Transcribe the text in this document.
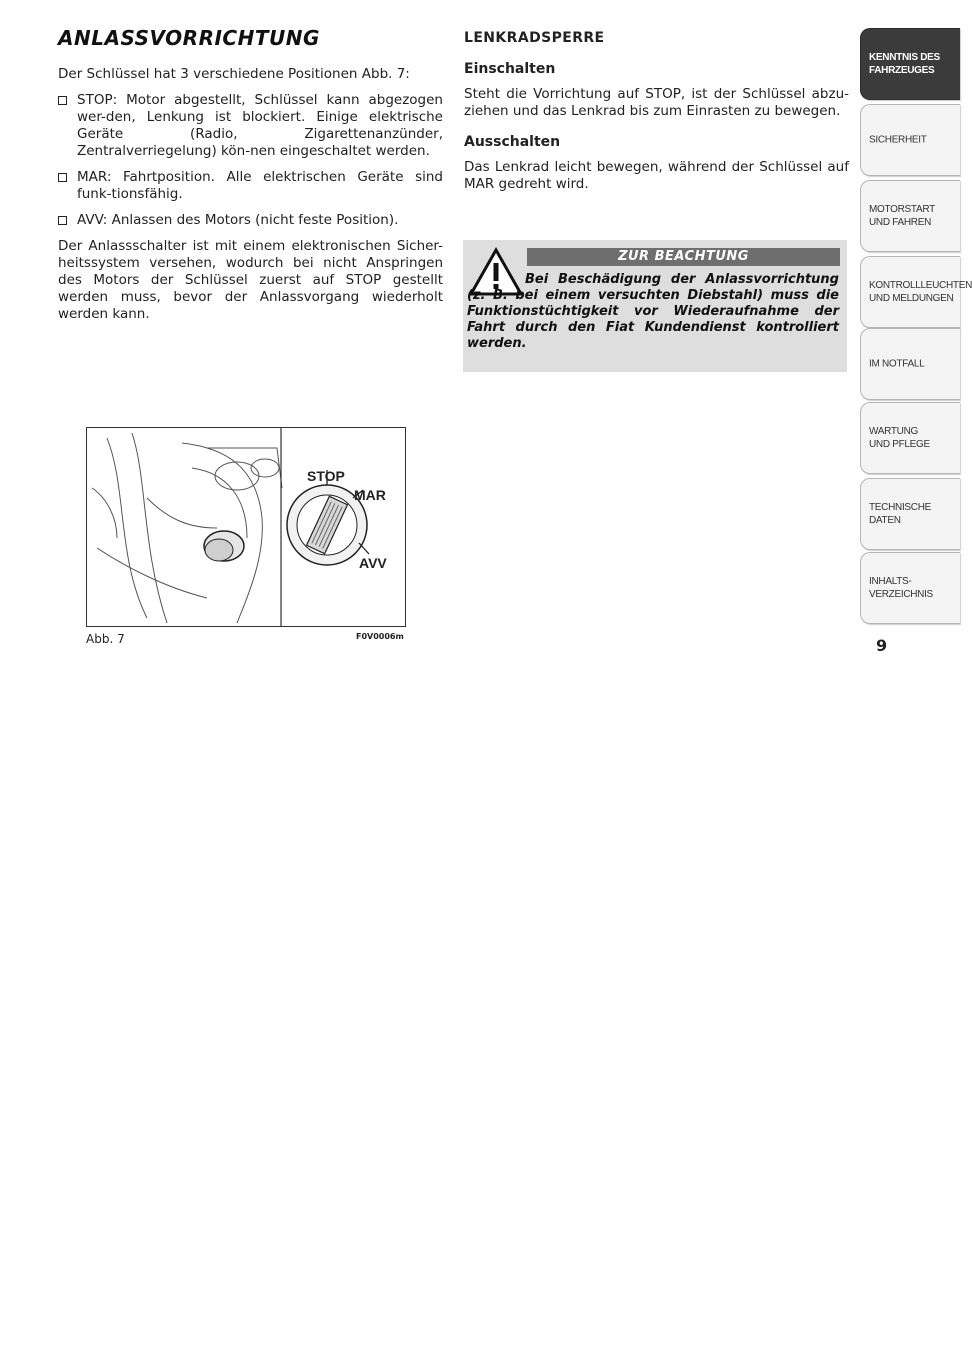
ANLASSVORRICHTUNG

Der Schlüssel hat 3 verschiedene Positionen Abb. 7:

STOP: Motor abgestellt, Schlüssel kann abgezogen wer-den, Lenkung ist blockiert. Einige elektrische Geräte (Radio, Zigarettenanzünder, Zentralverriegelung) kön-nen eingeschaltet werden.
MAR: Fahrtposition. Alle elektrischen Geräte sind funk-tionsfähig.
AVV: Anlassen des Motors (nicht feste Position).

Der Anlassschalter ist mit einem elektronischen Sicher-heitssystem versehen, wodurch bei nicht Anspringen des Motors der Schlüssel zuerst auf STOP gestellt werden muss, bevor der Anlassvorgang wiederholt werden kann.

LENKRADSPERRE
Einschalten

Steht die Vorrichtung auf STOP, ist der Schlüssel abzu-ziehen und das Lenkrad bis zum Einrasten zu bewegen.

Ausschalten

Das Lenkrad leicht bewegen, während der Schlüssel auf MAR gedreht wird.

ZUR BEACHTUNG
Bei Beschädigung der Anlassvorrichtung (z. B. bei einem versuchten Diebstahl) muss die Funktionstüchtigkeit vor Wiederaufnahme der Fahrt durch den Fiat Kundendienst kontrolliert werden.
STOP
MAR
AVV
Abb. 7	F0V0006m
KENNTNIS DES
FAHRZEUGES
SICHERHEIT
MOTORSTART
UND FAHREN
KONTROLLLEUCHTEN
UND MELDUNGEN
IM NOTFALL
WARTUNG
UND PFLEGE
TECHNISCHE DATEN
INHALTS-
VERZEICHNIS
9
